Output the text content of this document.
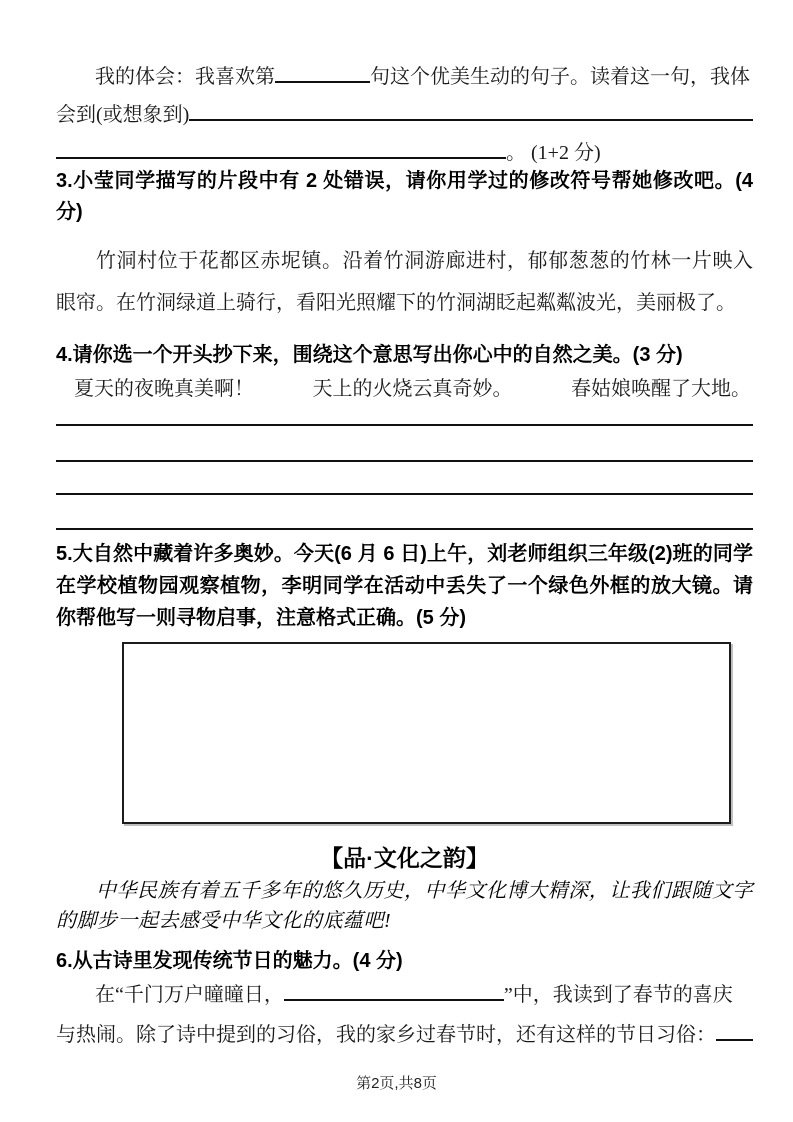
我的体会：我喜欢第	句这个优美生动的句子。读着这一句，我体
会到(或想象到)
。 (1+2 分)

3.小莹同学描写的片段中有 2 处错误，请你用学过的修改符号帮她修改吧。(4 分)

竹洞村位于花都区赤坭镇。沿着竹洞游廊进村，郁郁葱葱的竹林一片映入眼帘。在竹洞绿道上骑行，看阳光照耀下的竹洞湖眨起粼粼波光，美丽极了。

4.请你选一个开头抄下来，围绕这个意思写出你心中的自然之美。(3 分)

夏天的夜晚真美啊！	天上的火烧云真奇妙。	春姑娘唤醒了大地。

5.大自然中藏着许多奥妙。今天(6 月 6 日)上午，刘老师组织三年级(2)班的同学在学校植物园观察植物，李明同学在活动中丢失了一个绿色外框的放大镜。请你帮他写一则寻物启事，注意格式正确。(5 分)

【品·文化之韵】

中华民族有着五千多年的悠久历史，中华文化博大精深，让我们跟随文字的脚步一起去感受中华文化的底蕴吧!

6.从古诗里发现传统节日的魅力。(4 分)

在“千门万户曈曈日，	”中，我读到了春节的喜庆
与热闹。除了诗中提到的习俗，我的家乡过春节时，还有这样的节日习俗：
第2页,共8页
